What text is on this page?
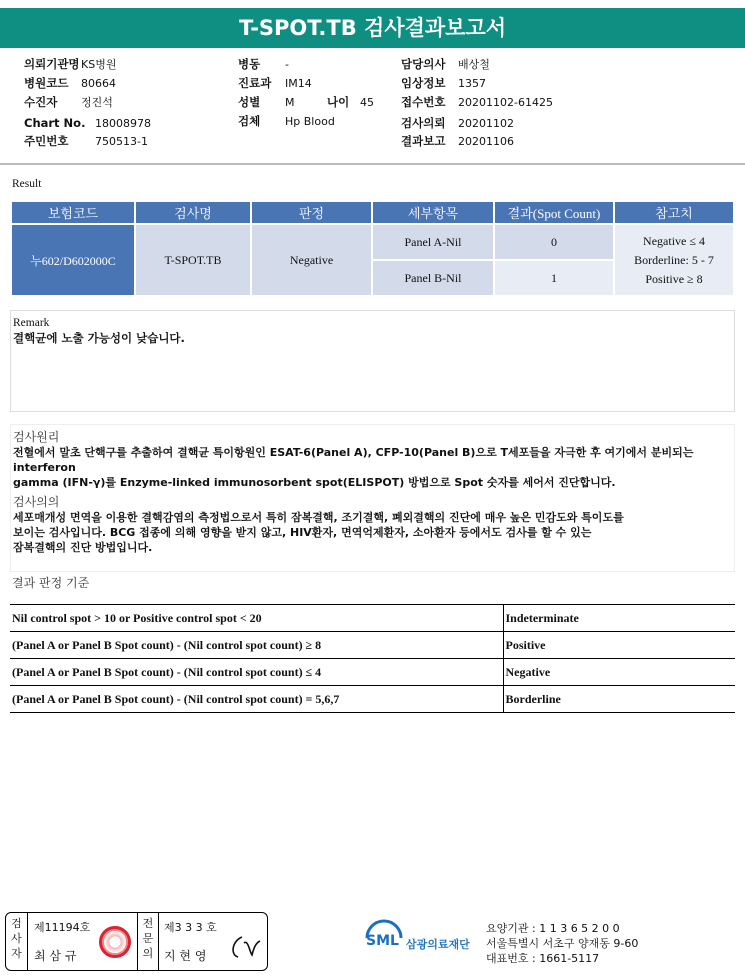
T-SPOT.TB 검사결과보고서
의뢰기관명KS병원
병원코드 80664
수진자 정진석
Chart No. 18008978
주민번호 750513-1
병동 -
진료과 IM14
성별 M	나이 45
검체 Hp Blood
담당의사 배상철
임상정보 1357
접수번호 20201102-61425
검사의뢰 20201102
결과보고 20201106
Result
보험코드	검사명	판정	세부항목	결과(Spot Count)	참고치
누602/D602000C	T-SPOT.TB	Negative	Panel A-Nil	0	Negative ≤ 4
Borderline: 5 - 7
Positive ≥ 8

			Panel B-Nil	1	
Remark
결핵균에 노출 가능성이 낮습니다.
검사원리
전혈에서 말초 단핵구를 추출하여 결핵균 특이항원인 ESAT-6(Panel A), CFP-10(Panel B)으로 T세포들을 자극한 후 여기에서 분비되는 interferon
gamma (IFN-γ)를 Enzyme-linked immunosorbent spot(ELISPOT) 방법으로 Spot 숫자를 세어서 진단합니다.
검사의의
세포매개성 면역을 이용한 결핵감염의 측정법으로서 특히 잠복결핵, 조기결핵, 폐외결핵의 진단에 매우 높은 민감도와 특이도를
보이는 검사입니다. BCG 접종에 의해 영향을 받지 않고, HIV환자, 면역억제환자, 소아환자 등에서도 검사를 할 수 있는
잠복결핵의 진단 방법입니다.
결과 판정 기준
Nil control spot > 10 or Positive control spot < 20	Indeterminate
(Panel A or Panel B Spot count) - (Nil control spot count) ≥ 8	Positive
(Panel A or Panel B Spot count) - (Nil control spot count) ≤ 4	Negative
(Panel A or Panel B Spot count) - (Nil control spot count) = 5,6,7	Borderline
검사자
제11194호
최 삼 규
전문의
제3 3 3 호
지 현 영
SML 삼광의료재단
요양기관 : 1 1 3 6 5 2 0 0
서울특별시 서초구 양재동 9-60
대표번호 : 1661-5117
